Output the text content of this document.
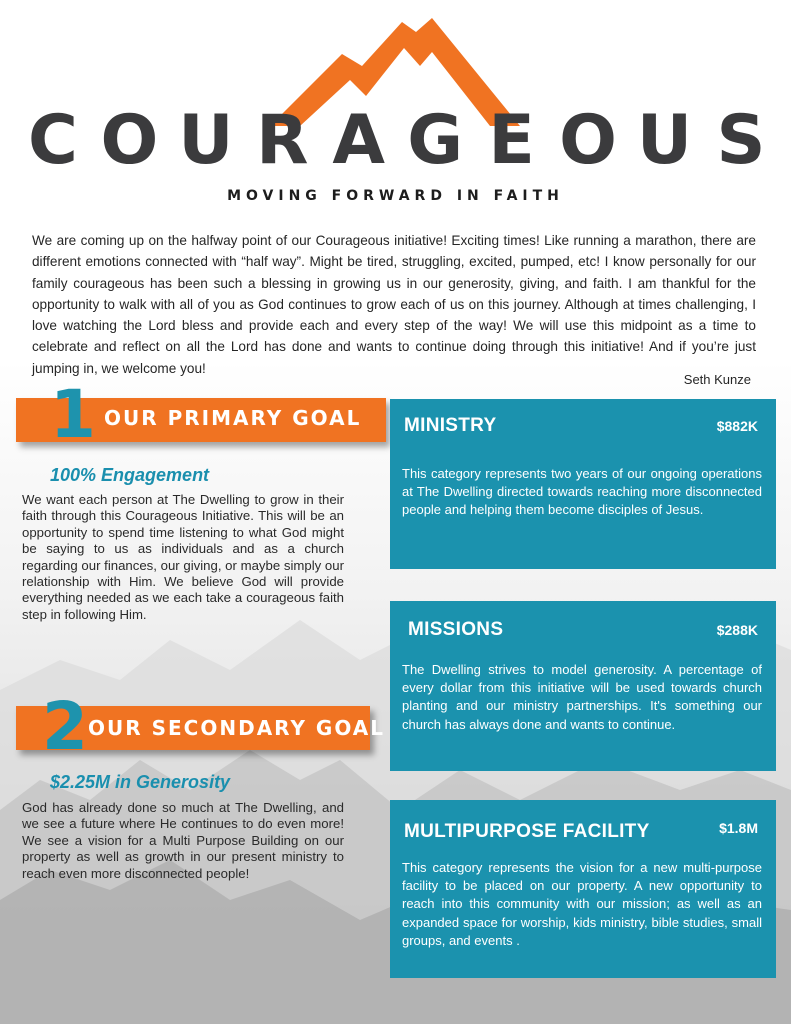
C O U R A G E O U S
MOVING FORWARD IN FAITH

We are coming up on the halfway point of our Courageous initiative! Exciting times! Like running a marathon, there are different emotions connected with “half way”. Might be tired, struggling, excited, pumped, etc! I know personally for our family courageous has been such a blessing in growing us in our generosity, giving, and faith. I am thankful for the opportunity to walk with all of you as God continues to grow each of us on this journey. Although at times challenging, I love watching the Lord bless and provide each and every step of the way! We will use this midpoint as a time to celebrate and reflect on all the Lord has done and wants to continue doing through this initiative! And if you’re just jumping in, we welcome you!

Seth Kunze
1 OUR PRIMARY GOAL
100% Engagement

We want each person at The Dwelling to grow in their faith through this Courageous Initiative. This will be an opportunity to spend time listening to what God might be saying to us as individuals and as a church regarding our finances, our giving, or maybe simply our relationship with Him. We believe God will provide everything needed as we each take a courageous faith step in following Him.

2 OUR SECONDARY GOAL
$2.25M in Generosity

God has already done so much at The Dwelling, and we see a future where He continues to do even more! We see a vision for a Multi Purpose Building on our property as well as growth in our present ministry to reach even more disconnected people!

MINISTRY	$882K

This category represents two years of our ongoing operations at The Dwelling directed towards reaching more disconnected people and helping them become disciples of Jesus.

MISSIONS	$288K

The Dwelling strives to model generosity. A percentage of every dollar from this initiative will be used towards church planting and our ministry partnerships. It's something our church has always done and wants to continue.

MULTIPURPOSE FACILITY	$1.8M

This category represents the vision for a new multi-purpose facility to be placed on our property. A new opportunity to reach into this community with our mission; as well as an expanded space for worship, kids ministry, bible studies, small groups, and events .
